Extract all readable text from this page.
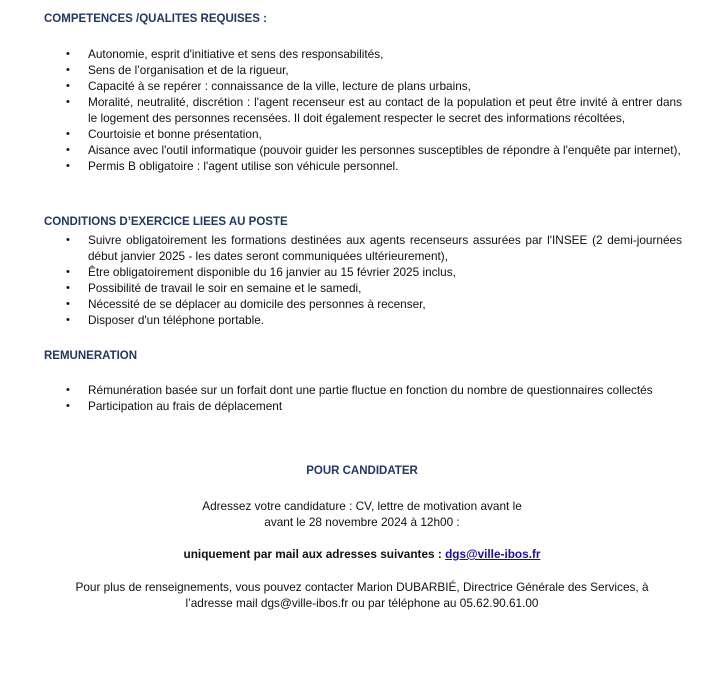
COMPETENCES /QUALITES REQUISES :
• Autonomie, esprit d'initiative et sens des responsabilités,
• Sens de l’organisation et de la rigueur,
• Capacité à se repérer : connaissance de la ville, lecture de plans urbains,
• Moralité, neutralité, discrétion : l'agent recenseur est au contact de la population et peut être invité à entrer dans le logement des personnes recensées. Il doit également respecter le secret des informations récoltées,
• Courtoisie et bonne présentation,
• Aisance avec l'outil informatique (pouvoir guider les personnes susceptibles de répondre à l'enquête par internet),
• Permis B obligatoire : l'agent utilise son véhicule personnel.
CONDITIONS D’EXERCICE LIEES AU POSTE
• Suivre obligatoirement les formations destinées aux agents recenseurs assurées par l'INSEE (2 demi-journées début janvier 2025 - les dates seront communiquées ultérieurement),
• Être obligatoirement disponible du 16 janvier au 15 février 2025 inclus,
• Possibilité de travail le soir en semaine et le samedi,
• Nécessité de se déplacer au domicile des personnes à recenser,
• Disposer d'un téléphone portable.
REMUNERATION
• Rémunération basée sur un forfait dont une partie fluctue en fonction du nombre de questionnaires collectés
• Participation au frais de déplacement
POUR CANDIDATER
Adressez votre candidature : CV, lettre de motivation avant le
avant le 28 novembre 2024 à 12h00 :
uniquement par mail aux adresses suivantes : dgs@ville-ibos.fr
Pour plus de renseignements, vous pouvez contacter Marion DUBARBIÉ, Directrice Générale des Services, à
l’adresse mail dgs@ville-ibos.fr ou par téléphone au 05.62.90.61.00
